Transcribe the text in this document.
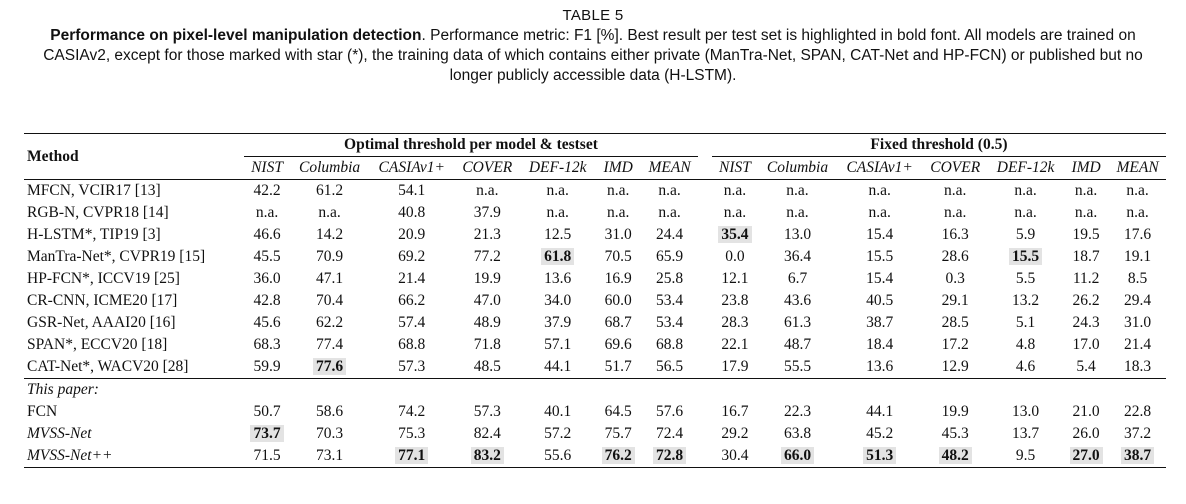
TABLE 5
Performance on pixel-level manipulation detection. Performance metric: F1 [%]. Best result per test set is highlighted in bold font. All models are trained on CASIAv2, except for those marked with star (*), the training data of which contains either private (ManTra-Net, SPAN, CAT-Net and HP-FCN) or published but no longer publicly accessible data (H-LSTM).
Method	Optimal threshold per model & testset								Fixed threshold (0.5)						
	NIST	Columbia	CASIAv1+	COVER	DEF-12k	IMD	MEAN		NIST	Columbia	CASIAv1+	COVER	DEF-12k	IMD	MEAN
MFCN, VCIR17 [13]	42.2	61.2	54.1	n.a.	n.a.	n.a.	n.a.		n.a.	n.a.	n.a.	n.a.	n.a.	n.a.	n.a.
RGB-N, CVPR18 [14]	n.a.	n.a.	40.8	37.9	n.a.	n.a.	n.a.		n.a.	n.a.	n.a.	n.a.	n.a.	n.a.	n.a.
H-LSTM*, TIP19 [3]	46.6	14.2	20.9	21.3	12.5	31.0	24.4		35.4	13.0	15.4	16.3	5.9	19.5	17.6
ManTra-Net*, CVPR19 [15]	45.5	70.9	69.2	77.2	61.8	70.5	65.9		0.0	36.4	15.5	28.6	15.5	18.7	19.1
HP-FCN*, ICCV19 [25]	36.0	47.1	21.4	19.9	13.6	16.9	25.8		12.1	6.7	15.4	0.3	5.5	11.2	8.5
CR-CNN, ICME20 [17]	42.8	70.4	66.2	47.0	34.0	60.0	53.4		23.8	43.6	40.5	29.1	13.2	26.2	29.4
GSR-Net, AAAI20 [16]	45.6	62.2	57.4	48.9	37.9	68.7	53.4		28.3	61.3	38.7	28.5	5.1	24.3	31.0
SPAN*, ECCV20 [18]	68.3	77.4	68.8	71.8	57.1	69.6	68.8		22.1	48.7	18.4	17.2	4.8	17.0	21.4
CAT-Net*, WACV20 [28]	59.9	77.6	57.3	48.5	44.1	51.7	56.5		17.9	55.5	13.6	12.9	4.6	5.4	18.3
This paper:															
FCN	50.7	58.6	74.2	57.3	40.1	64.5	57.6		16.7	22.3	44.1	19.9	13.0	21.0	22.8
MVSS-Net	73.7	70.3	75.3	82.4	57.2	75.7	72.4		29.2	63.8	45.2	45.3	13.7	26.0	37.2
MVSS-Net++	71.5	73.1	77.1	83.2	55.6	76.2	72.8		30.4	66.0	51.3	48.2	9.5	27.0	38.7
